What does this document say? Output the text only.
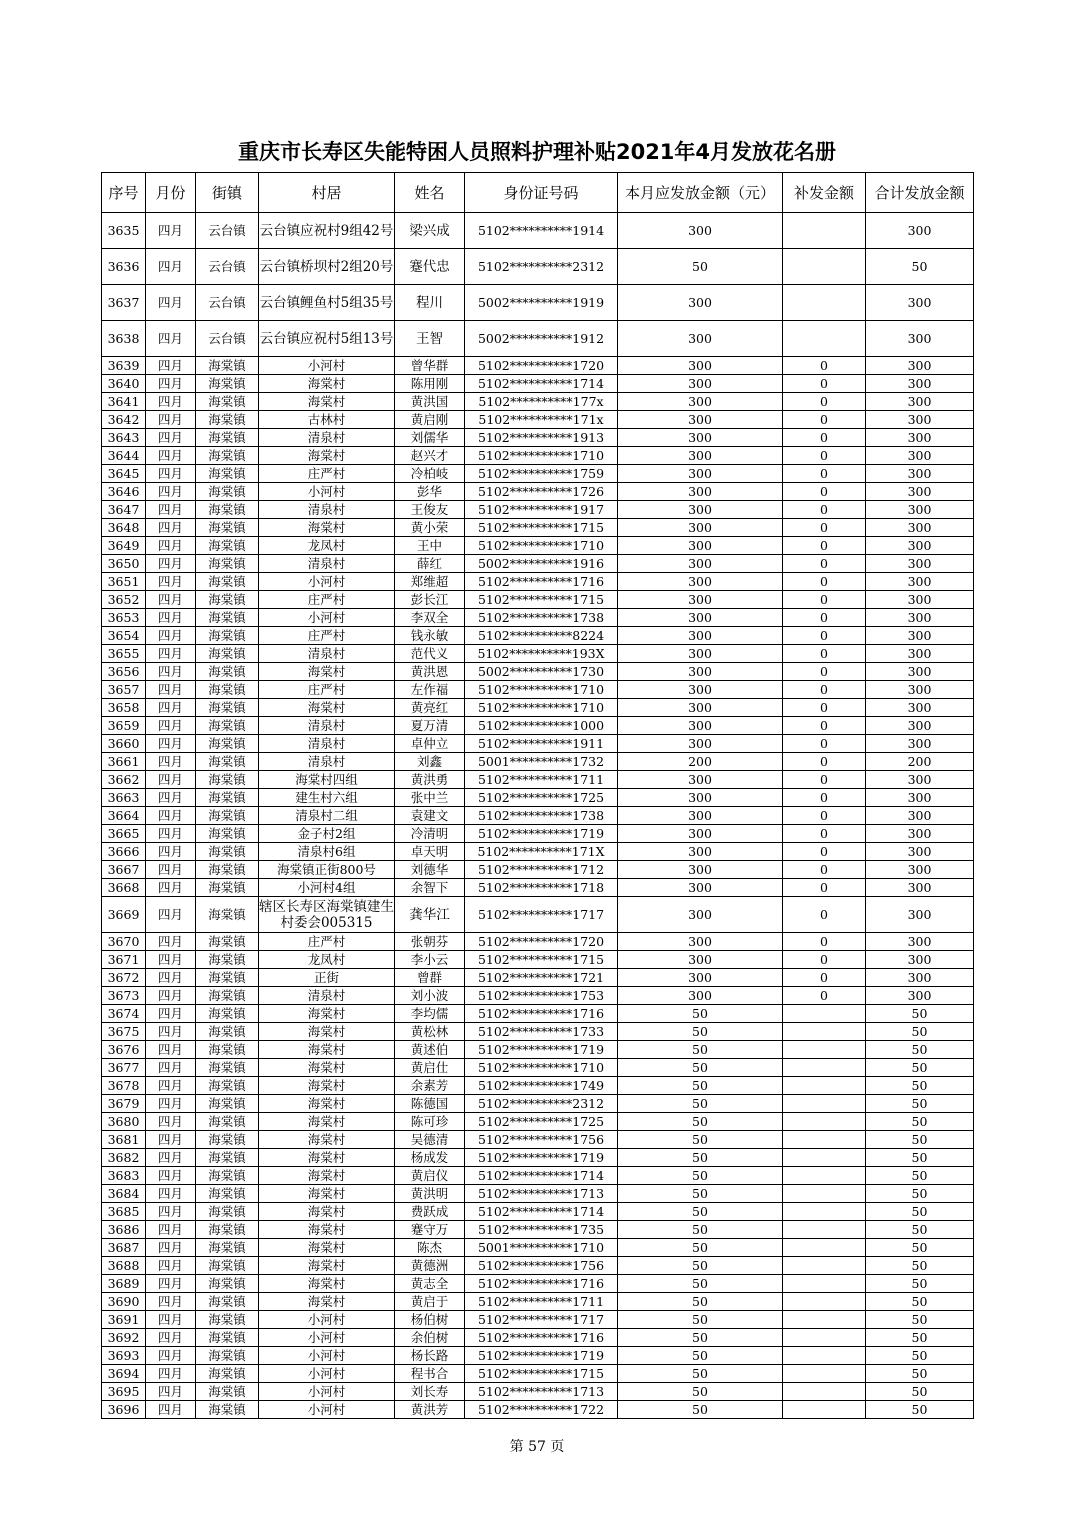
重庆市长寿区失能特困人员照料护理补贴2021年4月发放花名册
序号	月份	街镇	村居	姓名	身份证号码	本月应发放金额（元）	补发金额	合计发放金额
3635	四月	云台镇	云台镇应祝村9组42号	梁兴成	5102**********1914	300		300
3636	四月	云台镇	云台镇桥坝村2组20号	蹇代忠	5102**********2312	50		50
3637	四月	云台镇	云台镇鲤鱼村5组35号	程川	5002**********1919	300		300
3638	四月	云台镇	云台镇应祝村5组13号	王智	5002**********1912	300		300
3639	四月	海棠镇	小河村	曾华群	5102**********1720	300	0	300
3640	四月	海棠镇	海棠村	陈用刚	5102**********1714	300	0	300
3641	四月	海棠镇	海棠村	黄洪国	5102**********177x	300	0	300
3642	四月	海棠镇	古林村	黄启刚	5102**********171x	300	0	300
3643	四月	海棠镇	清泉村	刘儒华	5102**********1913	300	0	300
3644	四月	海棠镇	海棠村	赵兴才	5102**********1710	300	0	300
3645	四月	海棠镇	庄严村	冷柏岐	5102**********1759	300	0	300
3646	四月	海棠镇	小河村	彭华	5102**********1726	300	0	300
3647	四月	海棠镇	清泉村	王俊友	5102**********1917	300	0	300
3648	四月	海棠镇	海棠村	黄小荣	5102**********1715	300	0	300
3649	四月	海棠镇	龙凤村	王中	5102**********1710	300	0	300
3650	四月	海棠镇	清泉村	薛红	5002**********1916	300	0	300
3651	四月	海棠镇	小河村	郑维超	5102**********1716	300	0	300
3652	四月	海棠镇	庄严村	彭长江	5102**********1715	300	0	300
3653	四月	海棠镇	小河村	李双全	5102**********1738	300	0	300
3654	四月	海棠镇	庄严村	钱永敏	5102**********8224	300	0	300
3655	四月	海棠镇	清泉村	范代义	5102**********193X	300	0	300
3656	四月	海棠镇	海棠村	黄洪恩	5002**********1730	300	0	300
3657	四月	海棠镇	庄严村	左作福	5102**********1710	300	0	300
3658	四月	海棠镇	海棠村	黄亮红	5102**********1710	300	0	300
3659	四月	海棠镇	清泉村	夏万清	5102**********1000	300	0	300
3660	四月	海棠镇	清泉村	卓仲立	5102**********1911	300	0	300
3661	四月	海棠镇	清泉村	刘鑫	5001**********1732	200	0	200
3662	四月	海棠镇	海棠村四组	黄洪勇	5102**********1711	300	0	300
3663	四月	海棠镇	建生村六组	张中兰	5102**********1725	300	0	300
3664	四月	海棠镇	清泉村二组	袁建文	5102**********1738	300	0	300
3665	四月	海棠镇	金子村2组	冷清明	5102**********1719	300	0	300
3666	四月	海棠镇	清泉村6组	卓天明	5102**********171X	300	0	300
3667	四月	海棠镇	海棠镇正街800号	刘德华	5102**********1712	300	0	300
3668	四月	海棠镇	小河村4组	余智下	5102**********1718	300	0	300
3669	四月	海棠镇	辖区长寿区海棠镇建生村委会005315	龚华江	5102**********1717	300	0	300
3670	四月	海棠镇	庄严村	张朝芬	5102**********1720	300	0	300
3671	四月	海棠镇	龙凤村	李小云	5102**********1715	300	0	300
3672	四月	海棠镇	正街	曾群	5102**********1721	300	0	300
3673	四月	海棠镇	清泉村	刘小波	5102**********1753	300	0	300
3674	四月	海棠镇	海棠村	李均儒	5102**********1716	50		50
3675	四月	海棠镇	海棠村	黄松林	5102**********1733	50		50
3676	四月	海棠镇	海棠村	黄述伯	5102**********1719	50		50
3677	四月	海棠镇	海棠村	黄启仕	5102**********1710	50		50
3678	四月	海棠镇	海棠村	余素芳	5102**********1749	50		50
3679	四月	海棠镇	海棠村	陈德国	5102**********2312	50		50
3680	四月	海棠镇	海棠村	陈可珍	5102**********1725	50		50
3681	四月	海棠镇	海棠村	吴德清	5102**********1756	50		50
3682	四月	海棠镇	海棠村	杨成发	5102**********1719	50		50
3683	四月	海棠镇	海棠村	黄启仪	5102**********1714	50		50
3684	四月	海棠镇	海棠村	黄洪明	5102**********1713	50		50
3685	四月	海棠镇	海棠村	费跃成	5102**********1714	50		50
3686	四月	海棠镇	海棠村	蹇守万	5102**********1735	50		50
3687	四月	海棠镇	海棠村	陈杰	5001**********1710	50		50
3688	四月	海棠镇	海棠村	黄德洲	5102**********1756	50		50
3689	四月	海棠镇	海棠村	黄志全	5102**********1716	50		50
3690	四月	海棠镇	海棠村	黄启于	5102**********1711	50		50
3691	四月	海棠镇	小河村	杨伯树	5102**********1717	50		50
3692	四月	海棠镇	小河村	余伯树	5102**********1716	50		50
3693	四月	海棠镇	小河村	杨长路	5102**********1719	50		50
3694	四月	海棠镇	小河村	程书合	5102**********1715	50		50
3695	四月	海棠镇	小河村	刘长寿	5102**********1713	50		50
3696	四月	海棠镇	小河村	黄洪芳	5102**********1722	50		50
第 57 页
